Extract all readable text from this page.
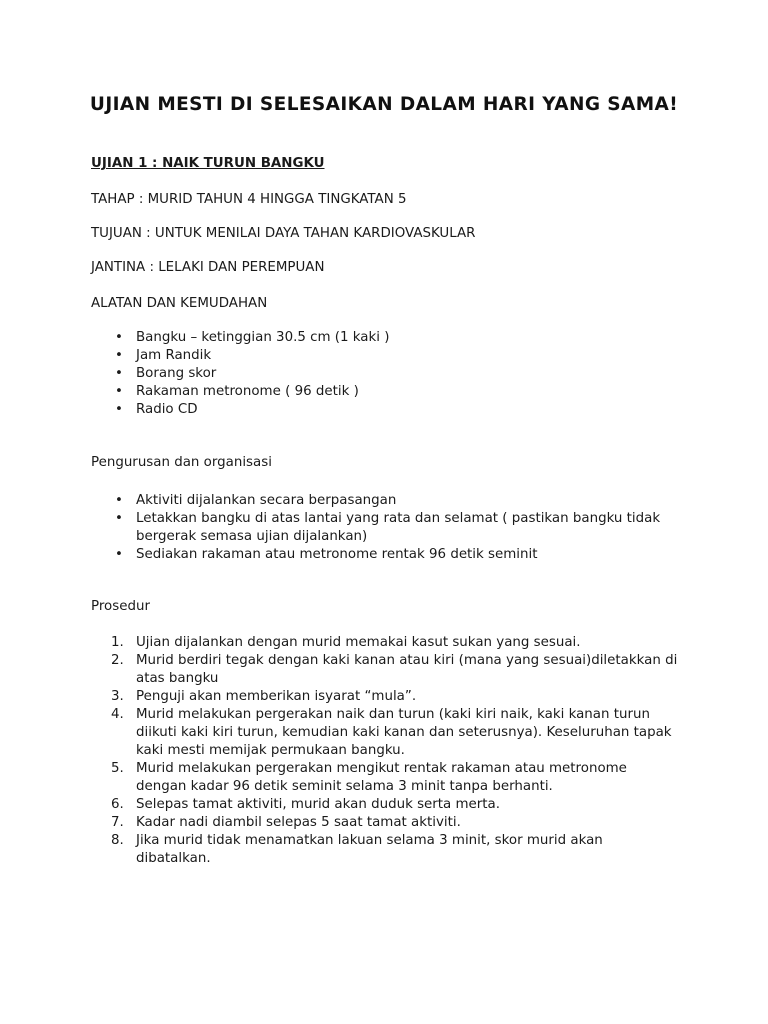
UJIAN MESTI DI SELESAIKAN DALAM HARI YANG SAMA!

UJIAN 1 : NAIK TURUN BANGKU

TAHAP : MURID TAHUN 4 HINGGA TINGKATAN 5

TUJUAN : UNTUK MENILAI DAYA TAHAN KARDIOVASKULAR

JANTINA : LELAKI DAN PEREMPUAN

ALATAN DAN KEMUDAHAN

• Bangku – ketinggian 30.5 cm (1 kaki )
• Jam Randik
• Borang skor
• Rakaman metronome ( 96 detik )
• Radio CD

Pengurusan dan organisasi

• Aktiviti dijalankan secara berpasangan
• Letakkan bangku di atas lantai yang rata dan selamat ( pastikan bangku tidak bergerak semasa ujian dijalankan)
• Sediakan rakaman atau metronome rentak 96 detik seminit

Prosedur

1. Ujian dijalankan dengan murid memakai kasut sukan yang sesuai.
2. Murid berdiri tegak dengan kaki kanan atau kiri (mana yang sesuai)diletakkan di atas bangku
3. Penguji akan memberikan isyarat “mula”.
4. Murid melakukan pergerakan naik dan turun (kaki kiri naik, kaki kanan turun diikuti kaki kiri turun, kemudian kaki kanan dan seterusnya). Keseluruhan tapak kaki mesti memijak permukaan bangku.
5. Murid melakukan pergerakan mengikut rentak rakaman atau metronome dengan kadar 96 detik seminit selama 3 minit tanpa berhanti.
6. Selepas tamat aktiviti, murid akan duduk serta merta.
7. Kadar nadi diambil selepas 5 saat tamat aktiviti.
8. Jika murid tidak menamatkan lakuan selama 3 minit, skor murid akan dibatalkan.
